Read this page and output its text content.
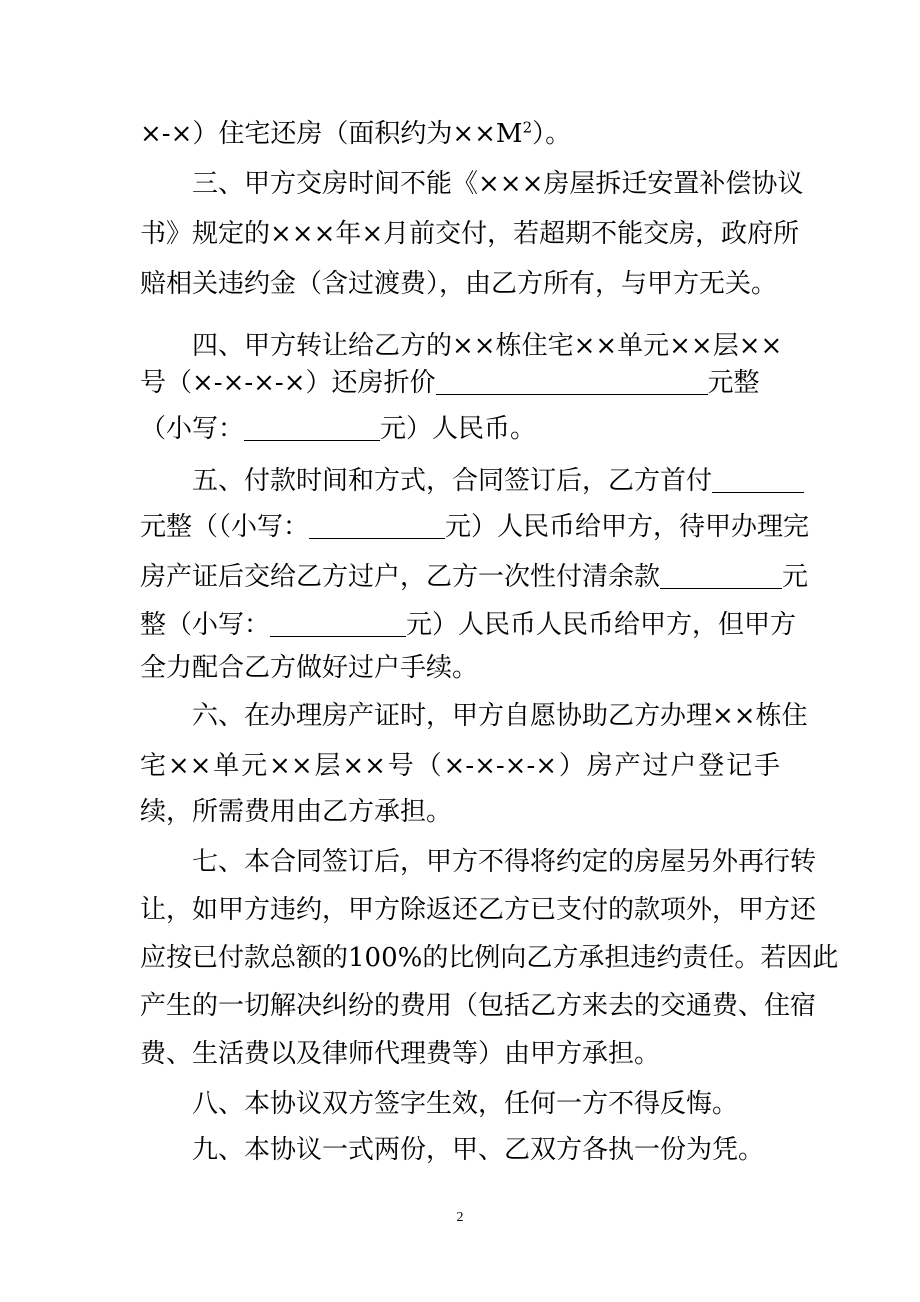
×-×）住宅还房（面积约为$\times\times M^2$）。
三、甲方交房时间不能《×××房屋拆迁安置补偿协议
书》规定的×××年×月前交付，若超期不能交房，政府所
赔相关违约金（含过渡费），由乙方所有，与甲方无关。
四、甲方转让给乙方的××栋住宅××单元××层××
号（×-×-×-×）还房折价	元整
（小写：	元）人民币。
五、付款时间和方式，合同签订后，乙方首付
元整（（小写：	元）人民币给甲方，待甲办理完
房产证后交给乙方过户，乙方一次性付清余款	元
整（小写：	元）人民币人民币给甲方，但甲方
全力配合乙方做好过户手续。
六、在办理房产证时，甲方自愿协助乙方办理××栋住
宅××单元××层××号（×-×-×-×）房产过户登记手
续，所需费用由乙方承担。
七、本合同签订后，甲方不得将约定的房屋另外再行转
让，如甲方违约，甲方除返还乙方已支付的款项外，甲方还
应按已付款总额的100%的比例向乙方承担违约责任。若因此
产生的一切解决纠纷的费用（包括乙方来去的交通费、住宿
费、生活费以及律师代理费等）由甲方承担。
八、本协议双方签字生效，任何一方不得反悔。
九、本协议一式两份，甲、乙双方各执一份为凭。
2
